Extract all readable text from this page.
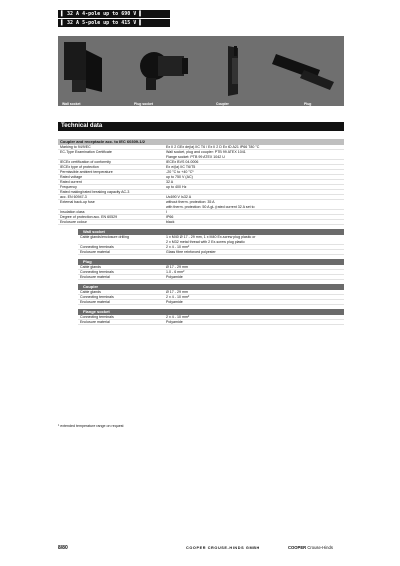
▌ 32 A 4-pole up to 690 V ▌
▌ 32 A 5-pole up to 415 V ▌
Wall socket	Plug socket	Coupler	Plug
Technical data
Coupler and receptacle acc. to IEC 60309-1/2
Marking to 94/9/EC	Ex II 2 GEx de(ia) IIC T6 / Ex II 2 D Ex tD A21 IP66 T80 °C
EC-Type Examination Certificate	Wall socket, plug and coupler: PTB 99 ATEX 1041
Flange socket: PTB 99 ATEX 1042 U
IECEx certification of conformity	IECEx BVS 04.0006
IECEx type of protection	Ex e/(ia) IIC T6/T5
Permissible ambient temperature	-20 °C to +40 °C¹
Rated voltage	up to 750 V (AC)
Rated current	32 A
Frequency	up to 400 Hz
Rated making/rated breaking capacity AC-3
acc. EN 60947-3	U≤690 V I≤32 A
External back-up fuse	without therm. protection: 35 A
with therm. protection: 50 A gL (rated current 32 A set to
Insulation class	I
Degree of protection acc. EN 60529	IP66
Enclosure colour	black
Wall socket
Cable glands/enclosure drilling	1 x M40 Ø 17 - 29 mm, 1 x M40 Ex-screw plug plastic or
2 x M32 metal thread with 2 Ex-screw plug plastic
Connecting terminals	2 x 4 - 10 mm²
Enclosure material	Glass fibre reinforced polyester
Plug
Cable glands	Ø 17 - 29 mm
Connecting terminals	1.0 - 6 mm²
Enclosure material	Polyamide
Coupler
Cable glands	Ø 17 - 29 mm
Connecting terminals	2 x 4 - 10 mm²
Enclosure material	Polyamide
Flange socket
Connecting terminals	2 x 4 - 10 mm²
Enclosure material	Polyamide
¹ extended temperature range on request
8/80	COOPER CROUSE-HINDS GMBH	COOPER Crouse-Hinds
